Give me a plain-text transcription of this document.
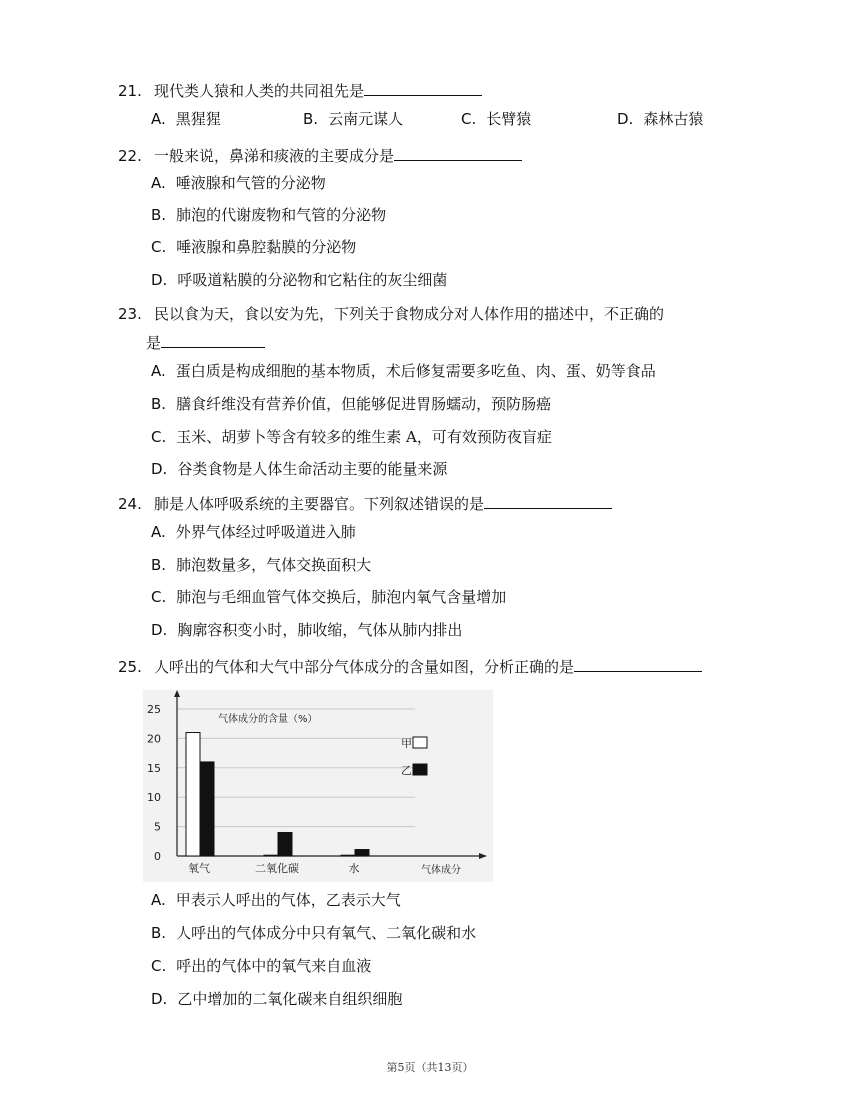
21. 现代类人猿和人类的共同祖先是
A. 黑猩猩	B. 云南元谋人	C. 长臂猿	D. 森林古猿
22. 一般来说，鼻涕和痰液的主要成分是
A. 唾液腺和气管的分泌物
B. 肺泡的代谢废物和气管的分泌物
C. 唾液腺和鼻腔黏膜的分泌物
D. 呼吸道粘膜的分泌物和它粘住的灰尘细菌
23. 民以食为天，食以安为先，下列关于食物成分对人体作用的描述中，不正确的
是
A. 蛋白质是构成细胞的基本物质，术后修复需要多吃鱼、肉、蛋、奶等食品
B. 膳食纤维没有营养价值，但能够促进胃肠蠕动，预防肠癌
C. 玉米、胡萝卜等含有较多的维生素 A，可有效预防夜盲症
D. 谷类食物是人体生命活动主要的能量来源
24. 肺是人体呼吸系统的主要器官。下列叙述错误的是
A. 外界气体经过呼吸道进入肺
B. 肺泡数量多，气体交换面积大
C. 肺泡与毛细血管气体交换后，肺泡内氧气含量增加
D. 胸廓容积变小时，肺收缩，气体从肺内排出
25. 人呼出的气体和大气中部分气体成分的含量如图，分析正确的是
0
5
10
15
20
25
氧气	二氧化碳	水
气体成分的含量（%）
气体成分
甲
乙
A. 甲表示人呼出的气体，乙表示大气
B. 人呼出的气体成分中只有氧气、二氧化碳和水
C. 呼出的气体中的氧气来自血液
D. 乙中增加的二氧化碳来自组织细胞
第5页（共13页）
